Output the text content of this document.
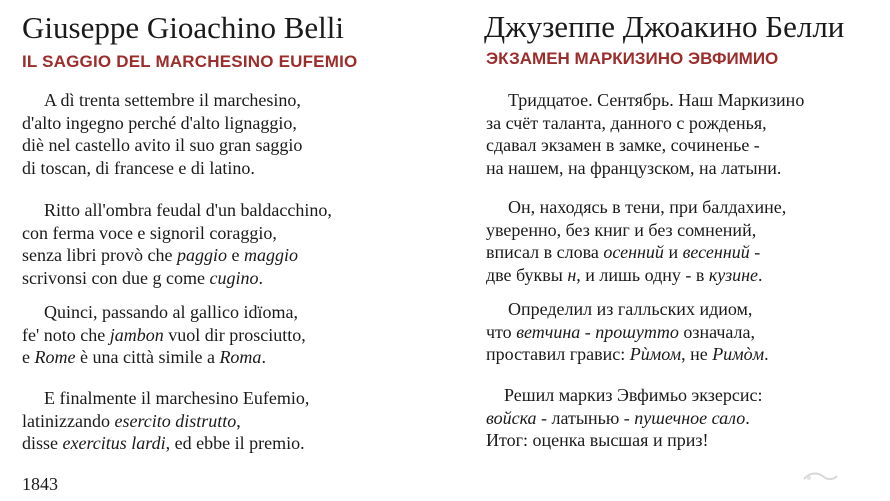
Giuseppe Gioachino Belli
IL SAGGIO DEL MARCHESINO EUFEMIO
1843
A dì trenta settembre il marchesino,
d'alto ingegno perché d'alto lignaggio,
diè nel castello avito il suo gran saggio
di toscan, di francese e di latino.
Ritto all'ombra feudal d'un baldacchino,
con ferma voce e signoril coraggio,
senza libri provò che paggio e maggio
scrivonsi con due g come cugino.
Quinci, passando al gallico idïoma,
fe' noto che jambon vuol dir prosciutto,
e Rome è una città simile a Roma.
E finalmente il marchesino Eufemio,
latinizzando esercito distrutto,
disse exercitus lardi, ed ebbe il premio.
Джузеппе Джоакино Белли
ЭКЗАМЕН МАРКИЗИНО ЭВФИМИО
Тридцатое. Сентябрь. Наш Маркизино
за счёт таланта, данного с рожденья,
сдавал экзамен в замке, сочиненье -
на нашем, на французском, на латыни.
Он, находясь в тени, при балдахине,
уверенно, без книг и без сомнений,
вписал в слова осенний и весенний -
две буквы н, и лишь одну - в кузине.
Определил из галльских идиом,
что ветчина - прошутто означала,
проставил гравис: Рùмом, не Римòм.
Решил маркиз Эвфимьо экзерсис:
войска - латынью - пушечное сало.
Итог: оценка высшая и приз!
